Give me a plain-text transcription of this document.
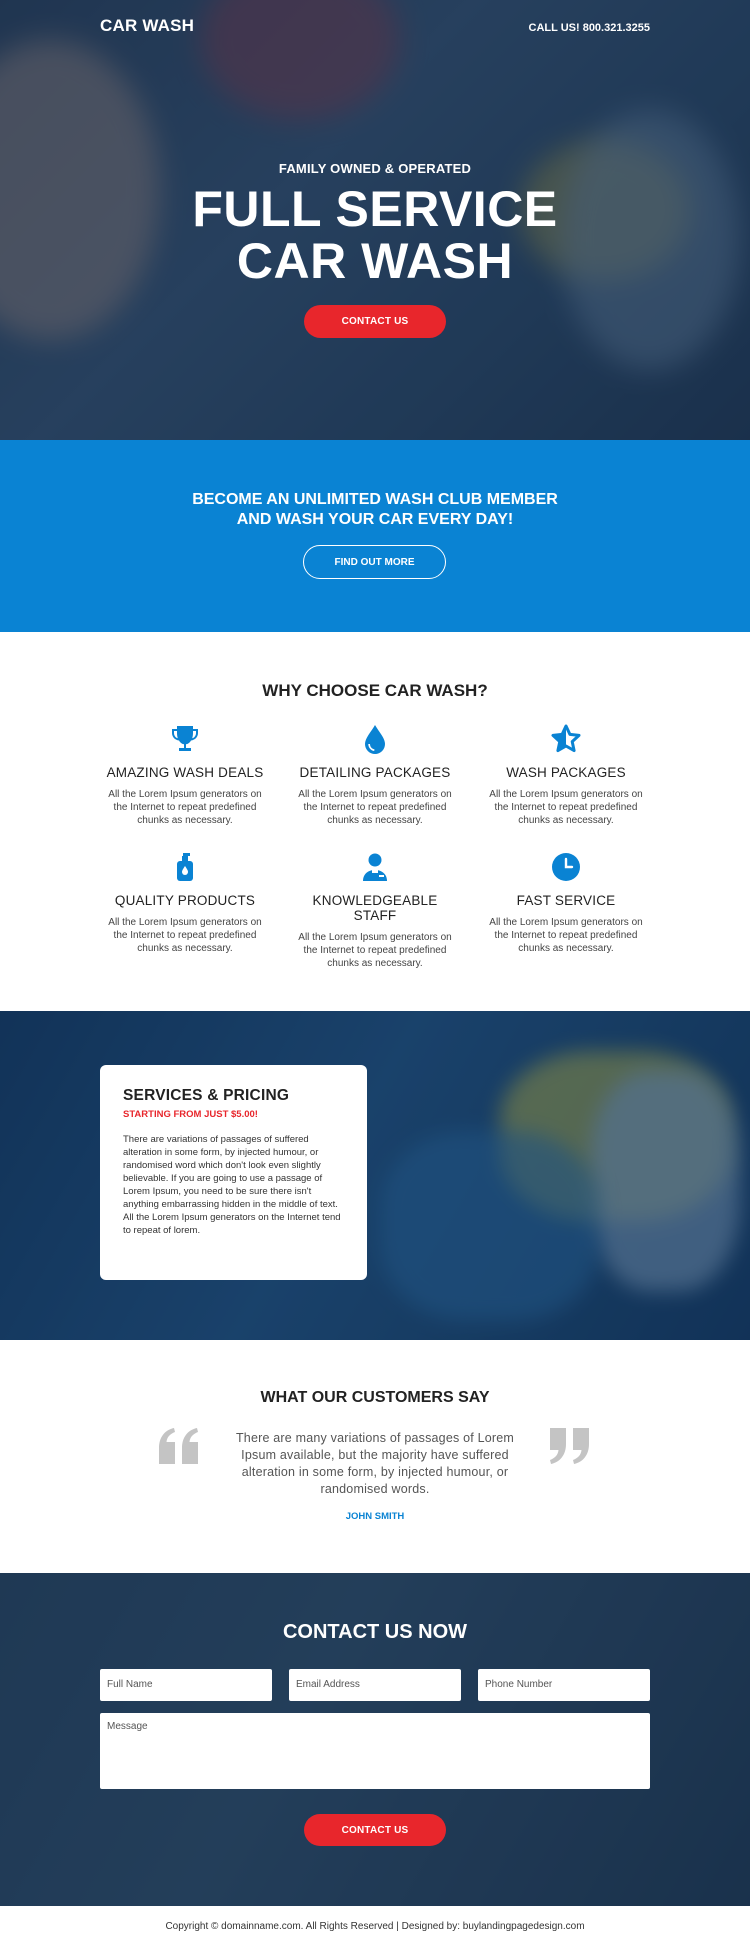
CAR WASH	CALL US! 800.321.3255
FAMILY OWNED & OPERATED
FULL SERVICE
CAR WASH
CONTACT US
BECOME AN UNLIMITED WASH CLUB MEMBER
AND WASH YOUR CAR EVERY DAY!
FIND OUT MORE
WHY CHOOSE CAR WASH?
AMAZING WASH DEALS
All the Lorem Ipsum generators on the Internet to repeat predefined chunks as necessary.
DETAILING PACKAGES
All the Lorem Ipsum generators on the Internet to repeat predefined chunks as necessary.
WASH PACKAGES
All the Lorem Ipsum generators on the Internet to repeat predefined chunks as necessary.
QUALITY PRODUCTS
All the Lorem Ipsum generators on the Internet to repeat predefined chunks as necessary.
KNOWLEDGEABLE STAFF
All the Lorem Ipsum generators on the Internet to repeat predefined chunks as necessary.
FAST SERVICE
All the Lorem Ipsum generators on the Internet to repeat predefined chunks as necessary.
SERVICES & PRICING
STARTING FROM JUST $5.00!
There are variations of passages of suffered alteration in some form, by injected humour, or randomised word which don't look even slightly believable. If you are going to use a passage of Lorem Ipsum, you need to be sure there isn't anything embarrassing hidden in the middle of text. All the Lorem Ipsum generators on the Internet tend to repeat of lorem.
WHAT OUR CUSTOMERS SAY
There are many variations of passages of Lorem Ipsum available, but the majority have suffered alteration in some form, by injected humour, or randomised words.
JOHN SMITH
CONTACT US NOW
Full Name	Email Address	Phone Number
Message
CONTACT US
Copyright © domainname.com. All Rights Reserved | Designed by: buylandingpagedesign.com
